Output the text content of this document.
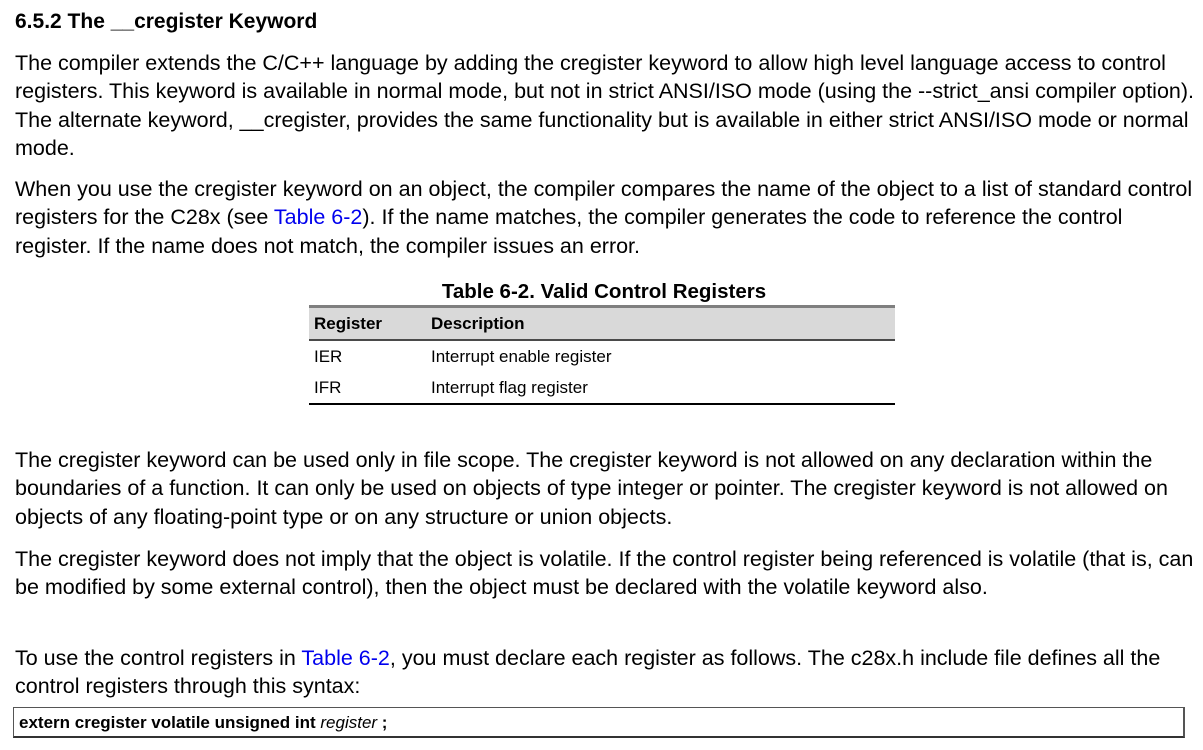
6.5.2 The __cregister Keyword

The compiler extends the C/C++ language by adding the cregister keyword to allow high level language access to control registers. This keyword is available in normal mode, but not in strict ANSI/ISO mode (using the --strict_ansi compiler option). The alternate keyword, __cregister, provides the same functionality but is available in either strict ANSI/ISO mode or normal mode.

When you use the cregister keyword on an object, the compiler compares the name of the object to a list of standard control registers for the C28x (see Table 6-2). If the name matches, the compiler generates the code to reference the control register. If the name does not match, the compiler issues an error.

Table 6-2. Valid Control Registers
Register	Description
IER	Interrupt enable register
IFR	Interrupt flag register

The cregister keyword can be used only in file scope. The cregister keyword is not allowed on any declaration within the boundaries of a function. It can only be used on objects of type integer or pointer. The cregister keyword is not allowed on objects of any floating-point type or on any structure or union objects.

The cregister keyword does not imply that the object is volatile. If the control register being referenced is volatile (that is, can be modified by some external control), then the object must be declared with the volatile keyword also.

To use the control registers in Table 6-2, you must declare each register as follows. The c28x.h include file defines all the control registers through this syntax:

extern cregister volatile unsigned int register ;
